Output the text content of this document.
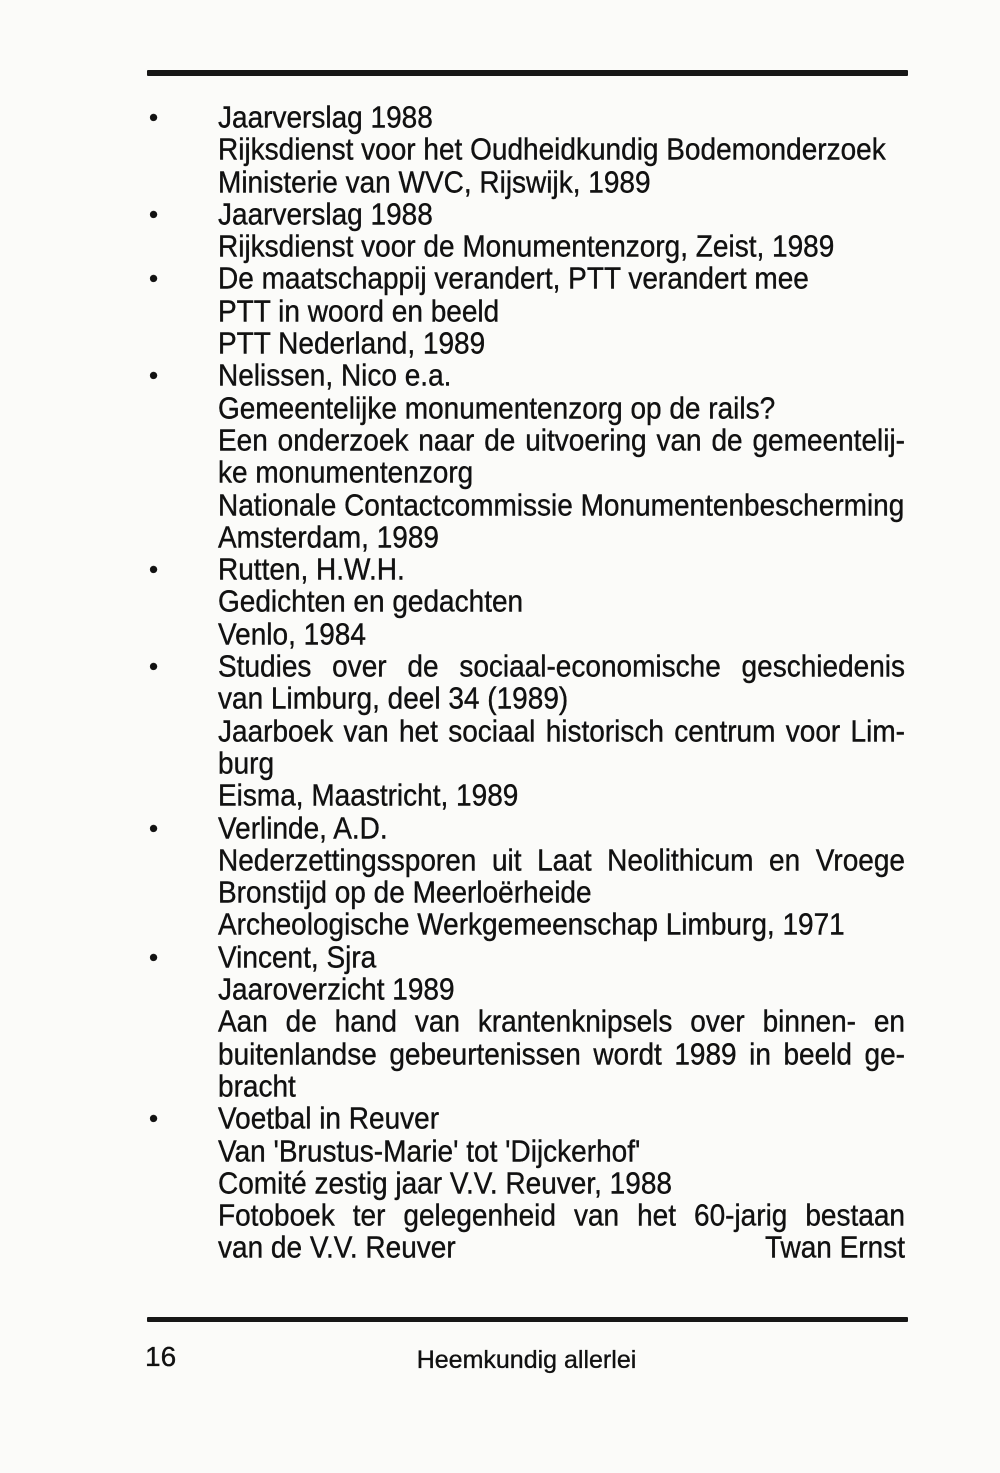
• Jaarverslag 1988
Rijksdienst voor het Oudheidkundig Bodemonderzoek
Ministerie van WVC, Rijswijk, 1989
• Jaarverslag 1988
Rijksdienst voor de Monumentenzorg, Zeist, 1989
• De maatschappij verandert, PTT verandert mee
PTT in woord en beeld
PTT Nederland, 1989
• Nelissen, Nico e.a.
Gemeentelijke monumentenzorg op de rails?
Een onderzoek naar de uitvoering van de gemeentelij-
ke monumentenzorg
Nationale Contactcommissie Monumentenbescherming
Amsterdam, 1989
• Rutten, H.W.H.
Gedichten en gedachten
Venlo, 1984
• Studies over de sociaal-economische geschiedenis
van Limburg, deel 34 (1989)
Jaarboek van het sociaal historisch centrum voor Lim-
burg
Eisma, Maastricht, 1989
• Verlinde, A.D.
Nederzettingssporen uit Laat Neolithicum en Vroege
Bronstijd op de Meerloërheide
Archeologische Werkgemeenschap Limburg, 1971
• Vincent, Sjra
Jaaroverzicht 1989
Aan de hand van krantenknipsels over binnen- en
buitenlandse gebeurtenissen wordt 1989 in beeld ge-
bracht
• Voetbal in Reuver
Van 'Brustus-Marie' tot 'Dijckerhof'
Comité zestig jaar V.V. Reuver, 1988
Fotoboek ter gelegenheid van het 60-jarig bestaan
van de V.V. Reuver	Twan Ernst
16	Heemkundig allerlei
